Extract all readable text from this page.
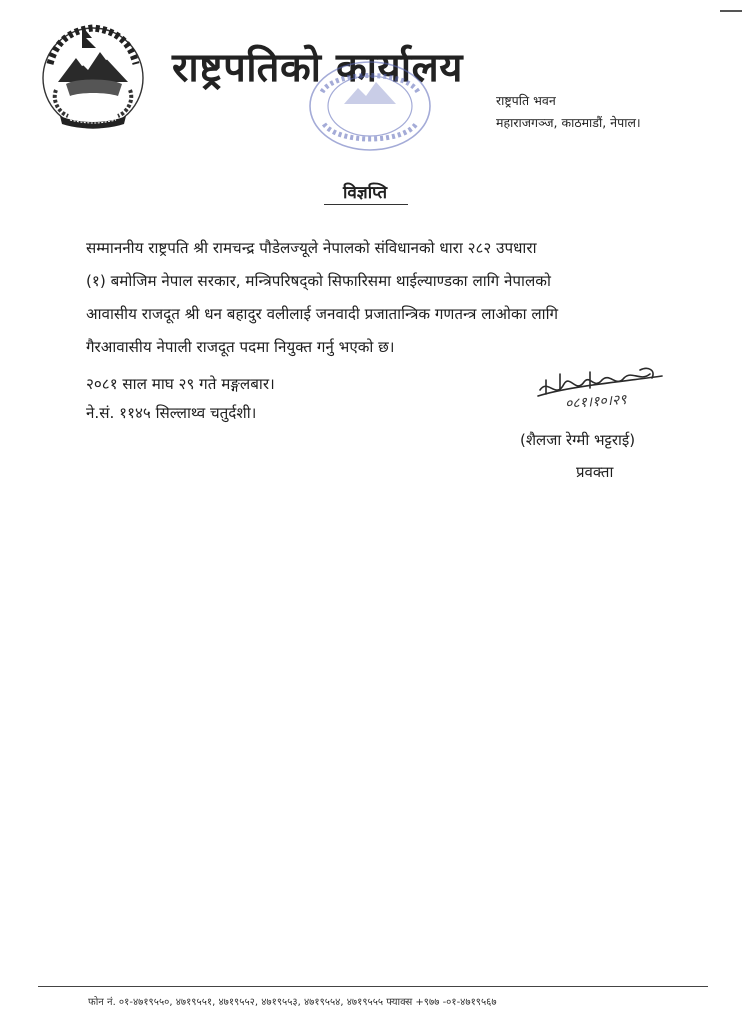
राष्ट्रपतिको कार्यालय
राष्ट्रपति भवन
महाराजगञ्ज, काठमाडौं, नेपाल।
विज्ञप्ति
सम्माननीय राष्ट्रपति श्री रामचन्द्र पौडेलज्यूले नेपालको संविधानको धारा २८२ उपधारा
(१) बमोजिम नेपाल सरकार, मन्त्रिपरिषद्को सिफारिसमा थाईल्याण्डका लागि नेपालको
आवासीय राजदूत श्री धन बहादुर वलीलाई जनवादी प्रजातान्त्रिक गणतन्त्र लाओका लागि
गैरआवासीय नेपाली राजदूत पदमा नियुक्त गर्नु भएको छ।
२०८१ साल माघ २९ गते मङ्गलबार।
ने.सं. ११४५ सिल्लाथ्व चतुर्दशी।
०८१।१०।२९
(शैलजा रेग्मी भट्टराई)
प्रवक्ता
फोन नं. ०१-४७१९५५०, ४७१९५५१, ४७१९५५२, ४७१९५५३, ४७१९५५४, ४७१९५५५ फ्याक्स +९७७ -०१-४७१९५६७
